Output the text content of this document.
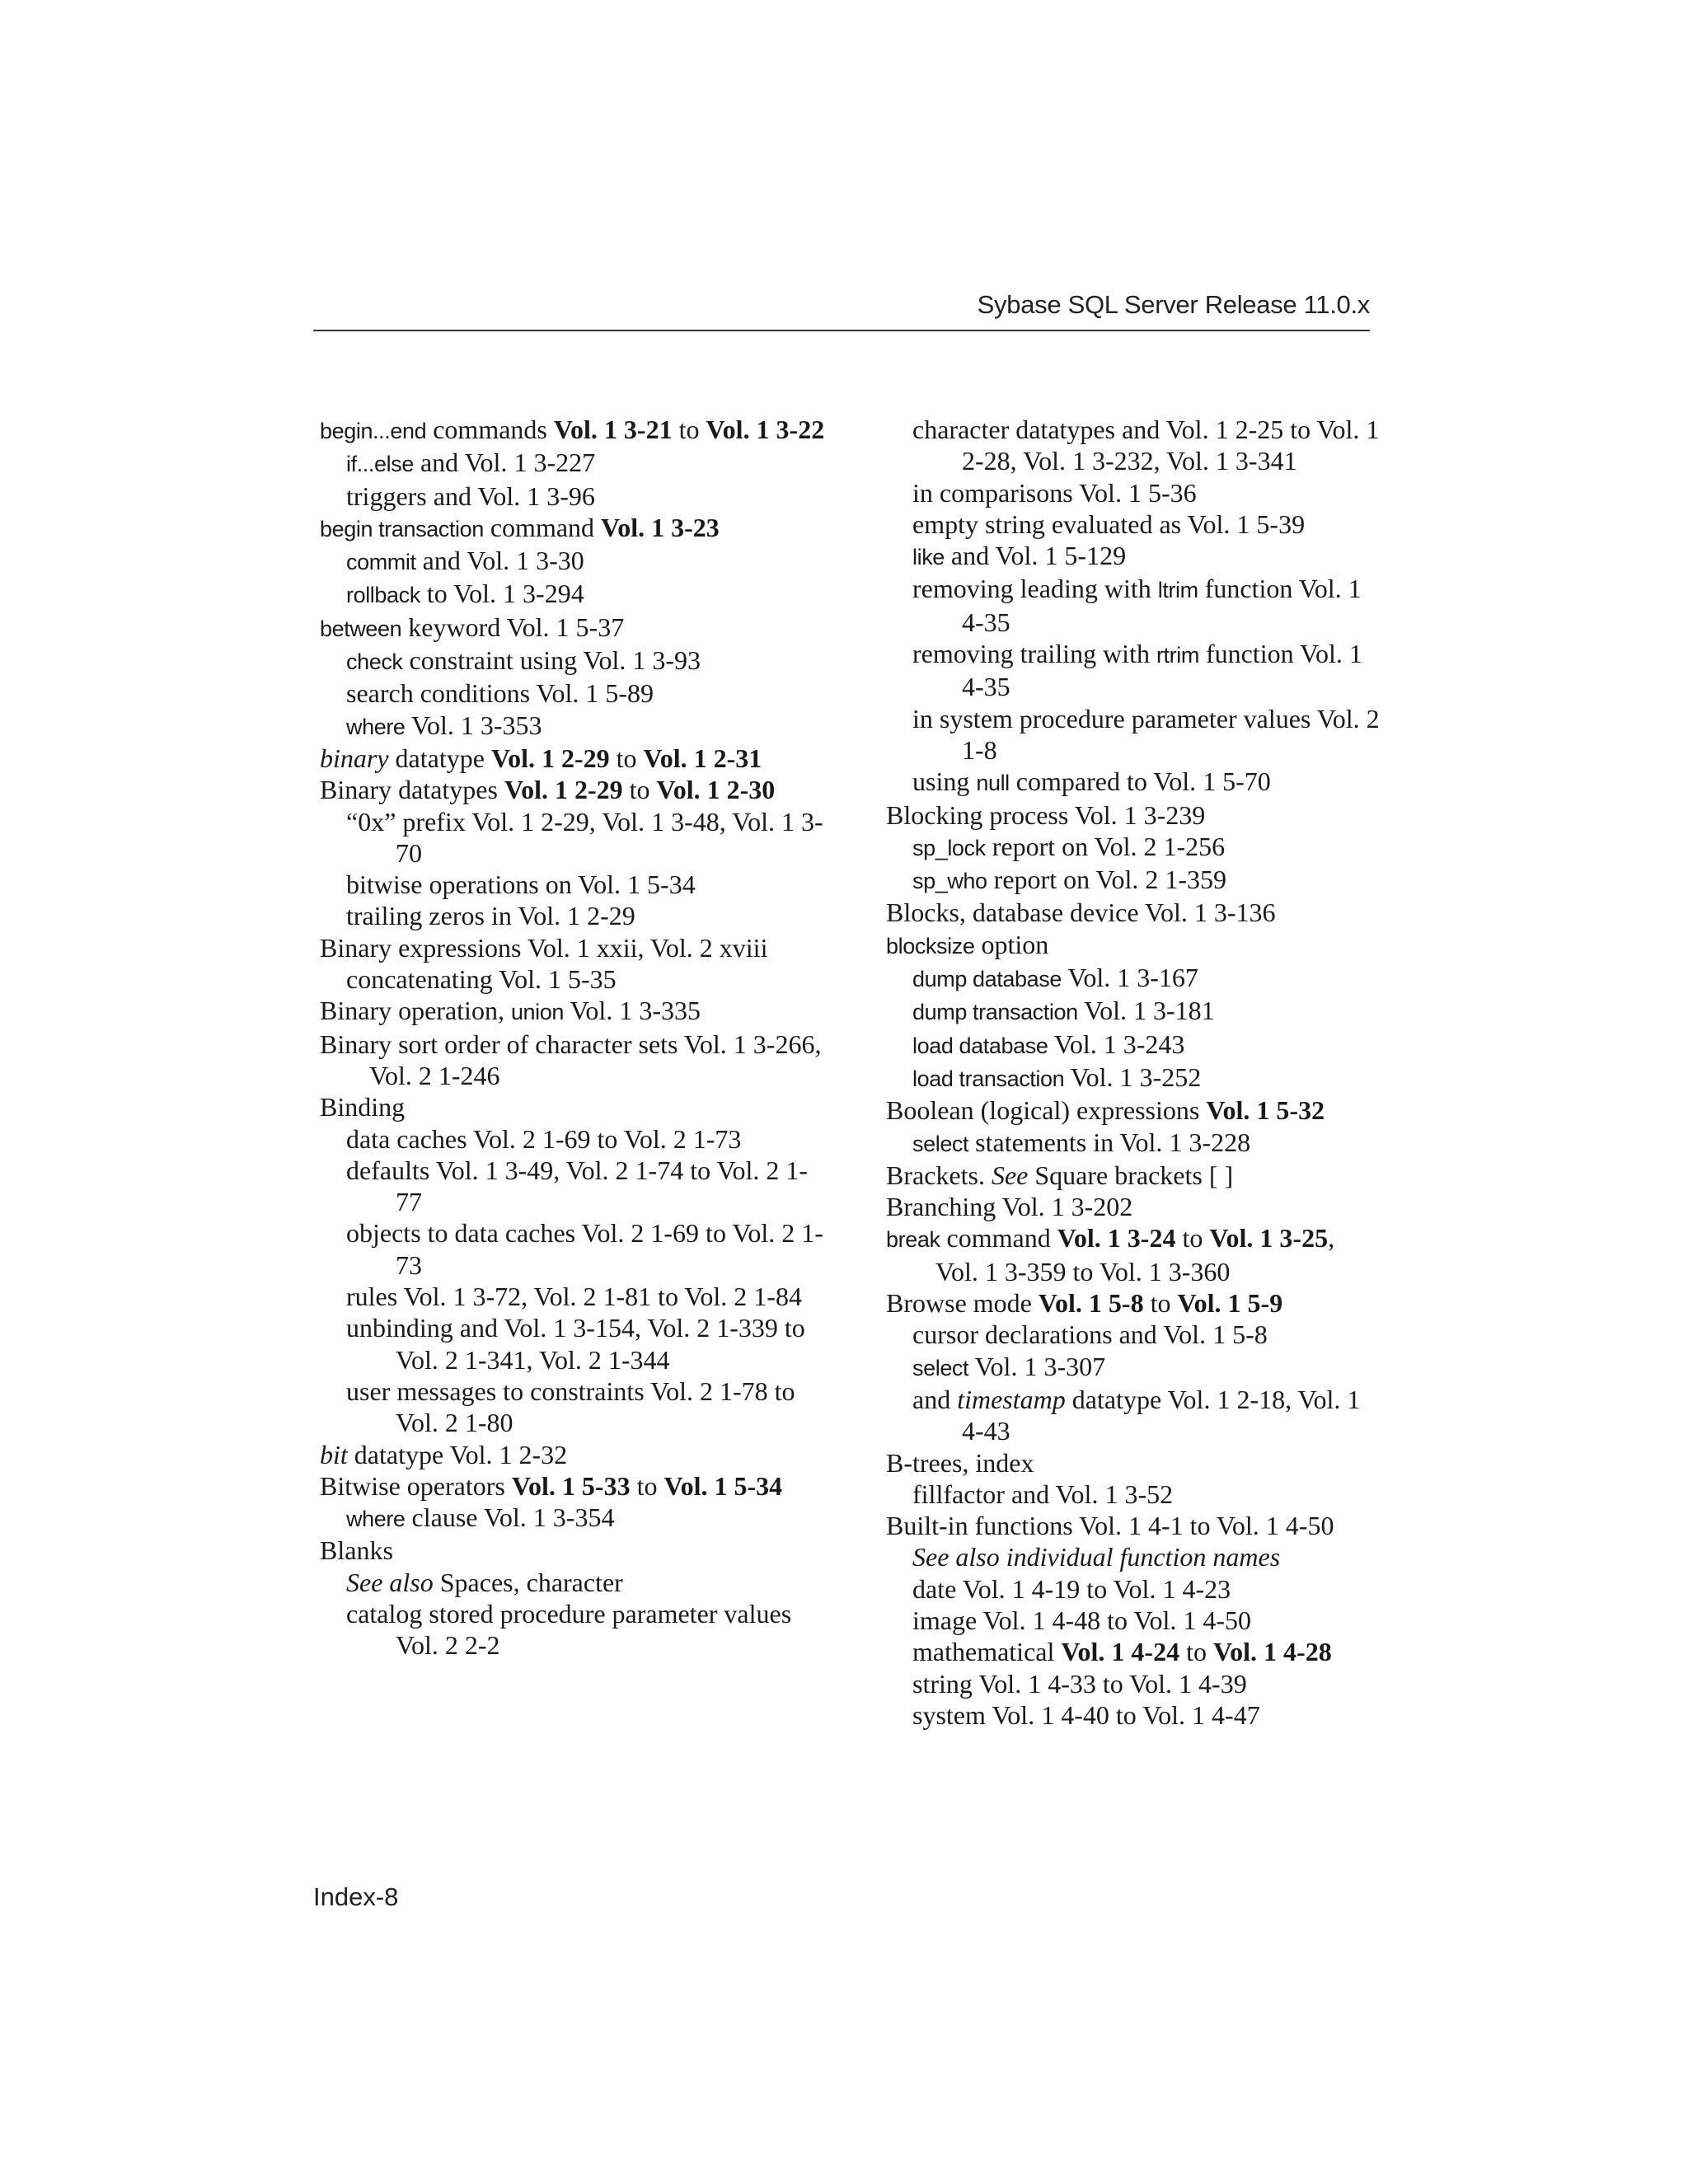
Sybase SQL Server Release 11.0.x
begin...end commands Vol. 1 3-21 to Vol. 1 3-22
if...else and Vol. 1 3-227
triggers and Vol. 1 3-96
begin transaction command Vol. 1 3-23
commit and Vol. 1 3-30
rollback to Vol. 1 3-294
between keyword Vol. 1 5-37
check constraint using Vol. 1 3-93
search conditions Vol. 1 5-89
where Vol. 1 3-353
binary datatype Vol. 1 2-29 to Vol. 1 2-31
Binary datatypes Vol. 1 2-29 to Vol. 1 2-30
“0x” prefix Vol. 1 2-29, Vol. 1 3-48, Vol. 1 3-70
bitwise operations on Vol. 1 5-34
trailing zeros in Vol. 1 2-29
Binary expressions Vol. 1 xxii, Vol. 2 xviii
concatenating Vol. 1 5-35
Binary operation, union Vol. 1 3-335
Binary sort order of character sets Vol. 1 3-266, Vol. 2 1-246
Binding
data caches Vol. 2 1-69 to Vol. 2 1-73
defaults Vol. 1 3-49, Vol. 2 1-74 to Vol. 2 1-77
objects to data caches Vol. 2 1-69 to Vol. 2 1-73
rules Vol. 1 3-72, Vol. 2 1-81 to Vol. 2 1-84
unbinding and Vol. 1 3-154, Vol. 2 1-339 to Vol. 2 1-341, Vol. 2 1-344
user messages to constraints Vol. 2 1-78 to Vol. 2 1-80
bit datatype Vol. 1 2-32
Bitwise operators Vol. 1 5-33 to Vol. 1 5-34
where clause Vol. 1 3-354
Blanks
See also Spaces, character
catalog stored procedure parameter values Vol. 2 2-2
character datatypes and Vol. 1 2-25 to Vol. 1 2-28, Vol. 1 3-232, Vol. 1 3-341
in comparisons Vol. 1 5-36
empty string evaluated as Vol. 1 5-39
like and Vol. 1 5-129
removing leading with ltrim function Vol. 1 4-35
removing trailing with rtrim function Vol. 1 4-35
in system procedure parameter values Vol. 2 1-8
using null compared to Vol. 1 5-70
Blocking process Vol. 1 3-239
sp_lock report on Vol. 2 1-256
sp_who report on Vol. 2 1-359
Blocks, database device Vol. 1 3-136
blocksize option
dump database Vol. 1 3-167
dump transaction Vol. 1 3-181
load database Vol. 1 3-243
load transaction Vol. 1 3-252
Boolean (logical) expressions Vol. 1 5-32
select statements in Vol. 1 3-228
Brackets. See Square brackets [ ]
Branching Vol. 1 3-202
break command Vol. 1 3-24 to Vol. 1 3-25, Vol. 1 3-359 to Vol. 1 3-360
Browse mode Vol. 1 5-8 to Vol. 1 5-9
cursor declarations and Vol. 1 5-8
select Vol. 1 3-307
and timestamp datatype Vol. 1 2-18, Vol. 1 4-43
B-trees, index
fillfactor and Vol. 1 3-52
Built-in functions Vol. 1 4-1 to Vol. 1 4-50
See also individual function names
date Vol. 1 4-19 to Vol. 1 4-23
image Vol. 1 4-48 to Vol. 1 4-50
mathematical Vol. 1 4-24 to Vol. 1 4-28
string Vol. 1 4-33 to Vol. 1 4-39
system Vol. 1 4-40 to Vol. 1 4-47
Index-8
